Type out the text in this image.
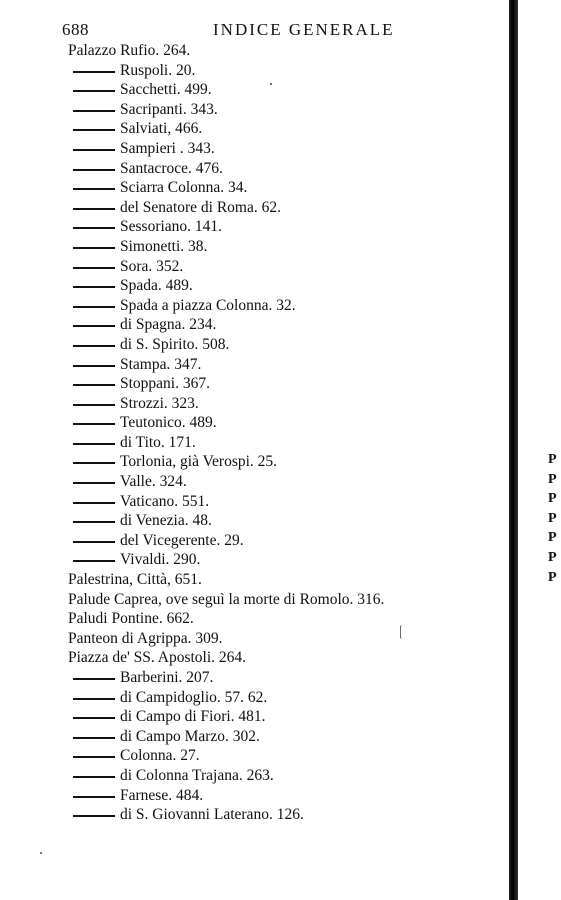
688	INDICE GENERALE
Palazzo Rufio. 264.
Ruspoli. 20.
Sacchetti. 499.
Sacripanti. 343.
Salviati, 466.
Sampieri . 343.
Santacroce. 476.
Sciarra Colonna. 34.
del Senatore di Roma. 62.
Sessoriano. 141.
Simonetti. 38.
Sora. 352.
Spada. 489.
Spada a piazza Colonna. 32.
di Spagna. 234.
di S. Spirito. 508.
Stampa. 347.
Stoppani. 367.
Strozzi. 323.
Teutonico. 489.
di Tito. 171.
Torlonia, già Verospi. 25.
Valle. 324.
Vaticano. 551.
di Venezia. 48.
del Vicegerente. 29.
Vivaldi. 290.
Palestrina, Città, 651.
Palude Caprea, ove seguì la morte di Romolo. 316.
Paludi Pontine. 662.
Panteon di Agrippa. 309.
Piazza de' SS. Apostoli. 264.
Barberini. 207.
di Campidoglio. 57. 62.
di Campo di Fiori. 481.
di Campo Marzo. 302.
Colonna. 27.
di Colonna Trajana. 263.
Farnese. 484.
di S. Giovanni Laterano. 126.
P
P
P
P
P
P
P
